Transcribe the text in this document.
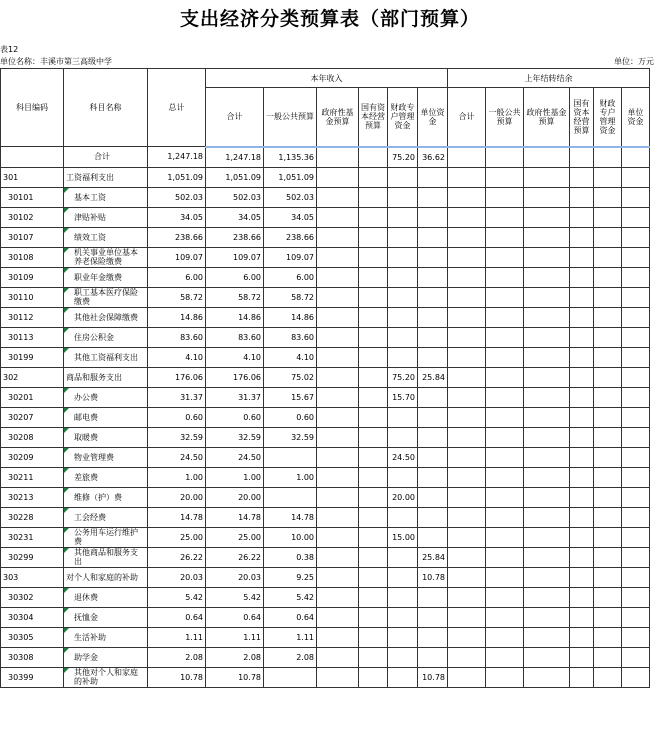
支出经济分类预算表（部门预算）
表12
单位名称：丰溪市第三高级中学	单位：万元
科目编码	科目名称	总计	本年收入						上年结转结余					
			合计	一般公共预算	政府性基金预算	国有资本经营预算	财政专户管理资金	单位资金	合计	一般公共预算	政府性基金预算	国有资本经营预算	财政专户管理资金	单位资金
	合计	1,247.18	1,247.18	1,135.36			75.20	36.62						
301	工资福利支出	1,051.09	1,051.09	1,051.09										
30101	基本工资	502.03	502.03	502.03										
30102	津贴补贴	34.05	34.05	34.05										
30107	绩效工资	238.66	238.66	238.66										
30108	机关事业单位基本养老保险缴费	109.07	109.07	109.07										
30109	职业年金缴费	6.00	6.00	6.00										
30110	职工基本医疗保险缴费	58.72	58.72	58.72										
30112	其他社会保障缴费	14.86	14.86	14.86										
30113	住房公积金	83.60	83.60	83.60										
30199	其他工资福利支出	4.10	4.10	4.10										
302	商品和服务支出	176.06	176.06	75.02			75.20	25.84						
30201	办公费	31.37	31.37	15.67			15.70							
30207	邮电费	0.60	0.60	0.60										
30208	取暖费	32.59	32.59	32.59										
30209	物业管理费	24.50	24.50				24.50							
30211	差旅费	1.00	1.00	1.00										
30213	维修（护）费	20.00	20.00				20.00							
30228	工会经费	14.78	14.78	14.78										
30231	公务用车运行维护费	25.00	25.00	10.00			15.00							
30299	其他商品和服务支出	26.22	26.22	0.38				25.84						
303	对个人和家庭的补助	20.03	20.03	9.25				10.78						
30302	退休费	5.42	5.42	5.42										
30304	抚恤金	0.64	0.64	0.64										
30305	生活补助	1.11	1.11	1.11										
30308	助学金	2.08	2.08	2.08										
30399	其他对个人和家庭的补助	10.78	10.78					10.78						
